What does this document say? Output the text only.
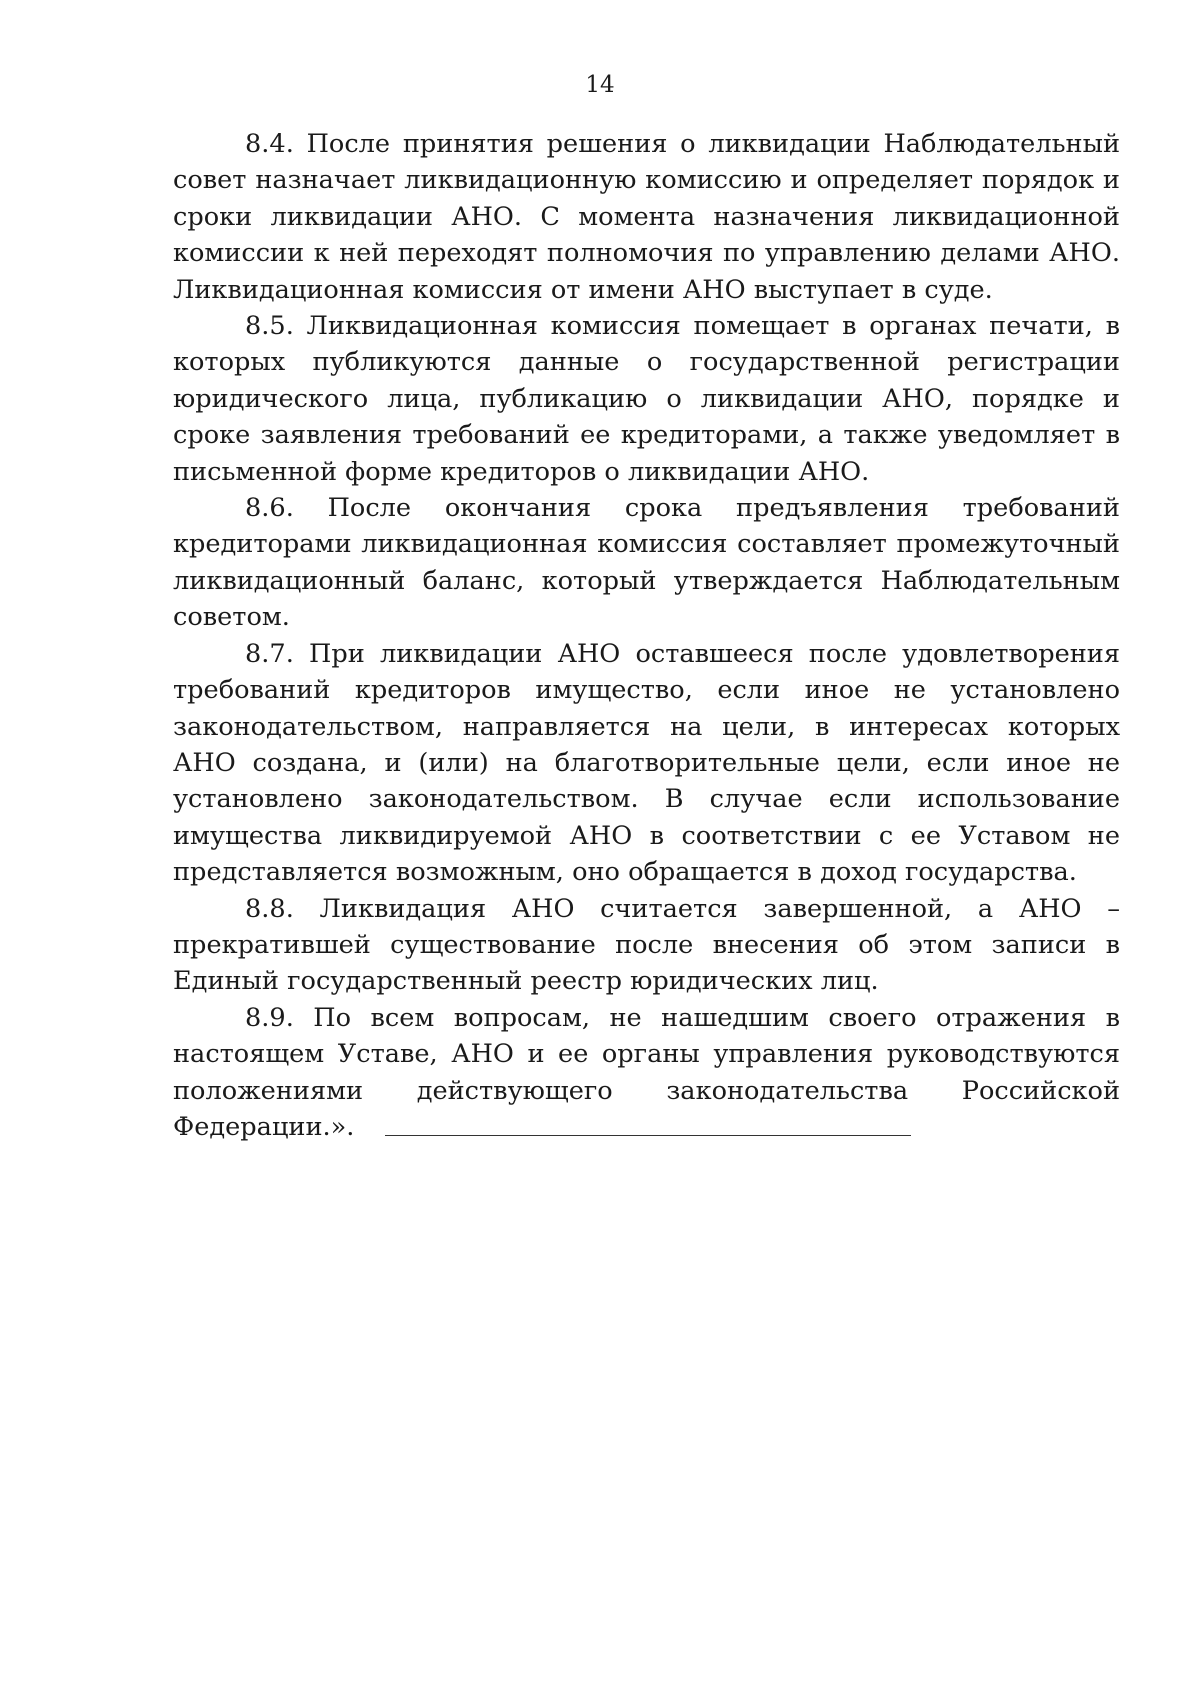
14

8.4. После принятия решения о ликвидации Наблюдательный совет назначает ликвидационную комиссию и определяет порядок и сроки ликвидации АНО. С момента назначения ликвидационной комиссии к ней переходят полномочия по управлению делами АНО. Ликвидационная комиссия от имени АНО выступает в суде.

8.5. Ликвидационная комиссия помещает в органах печати, в которых публикуются данные о государственной регистрации юридического лица, публикацию о ликвидации АНО, порядке и сроке заявления требований ее кредиторами, а также уведомляет в письменной форме кредиторов о ликвидации АНО.

8.6. После окончания срока предъявления требований кредиторами ликвидационная комиссия составляет промежуточный ликвидационный баланс, который утверждается Наблюдательным советом.

8.7. При ликвидации АНО оставшееся после удовлетворения требований кредиторов имущество, если иное не установлено законодательством, направляется на цели, в интересах которых АНО создана, и (или) на благотворительные цели, если иное не установлено законодательством. В случае если использование имущества ликвидируемой АНО в соответствии с ее Уставом не представляется возможным, оно обращается в доход государства.

8.8. Ликвидация АНО считается завершенной, а АНО – прекратившей существование после внесения об этом записи в Единый государственный реестр юридических лиц.

8.9. По всем вопросам, не нашедшим своего отражения в настоящем Уставе, АНО и ее органы управления руководствуются положениями действующего законодательства Российской Федерации.».
